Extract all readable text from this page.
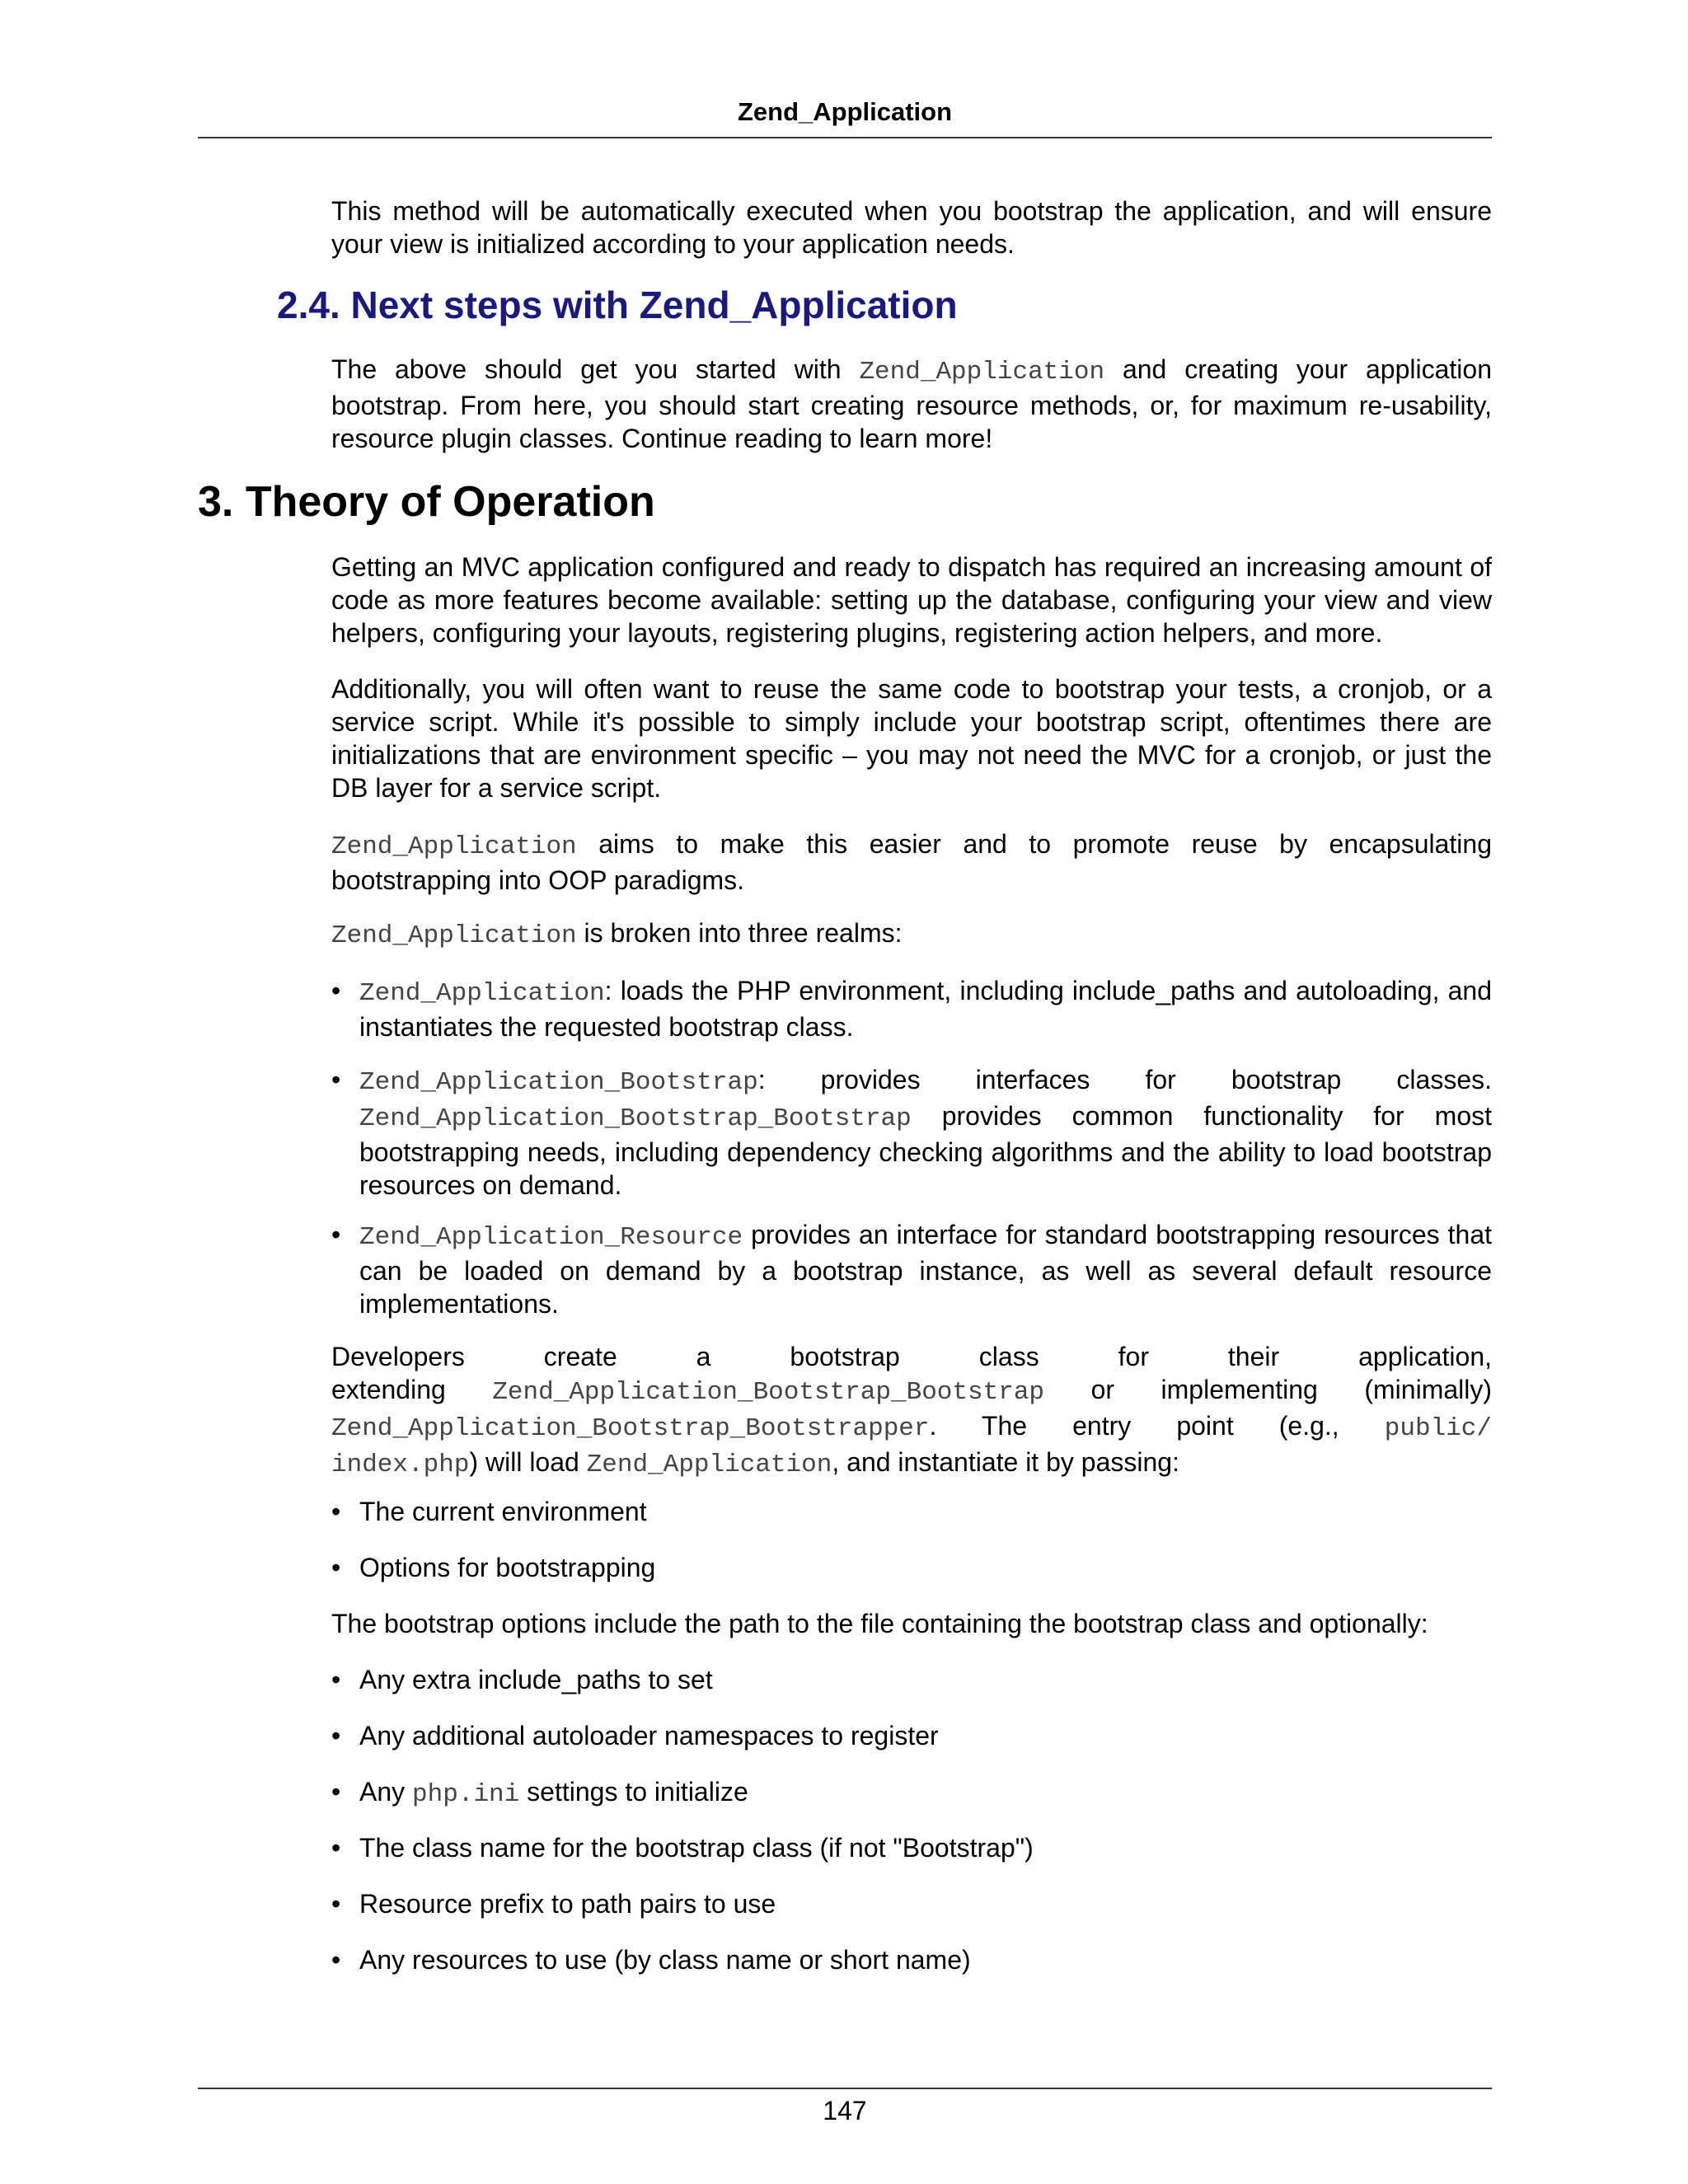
Zend_Application
This method will be automatically executed when you bootstrap the application, and will ensure your view is initialized according to your application needs.
2.4. Next steps with Zend_Application
The above should get you started with Zend_Application and creating your application
bootstrap. From here, you should start creating resource methods, or, for maximum re-usability,
resource plugin classes. Continue reading to learn more!
3. Theory of Operation
Getting an MVC application configured and ready to dispatch has required an increasing amount of code as more features become available: setting up the database, configuring your view and view helpers, configuring your layouts, registering plugins, registering action helpers, and more.
Additionally, you will often want to reuse the same code to bootstrap your tests, a cronjob, or a service script. While it's possible to simply include your bootstrap script, oftentimes there are initializations that are environment specific – you may not need the MVC for a cronjob, or just the DB layer for a service script.
Zend_Application aims to make this easier and to promote reuse by encapsulating bootstrapping into OOP paradigms.
Zend_Application is broken into three realms:
• Zend_Application: loads the PHP environment, including include_paths and autoloading, and instantiates the requested bootstrap class.
• Zend_Application_Bootstrap: provides interfaces for bootstrap classes.
Zend_Application_Bootstrap_Bootstrap provides common functionality for most bootstrapping needs, including dependency checking algorithms and the ability to load bootstrap resources on demand.
• Zend_Application_Resource provides an interface for standard bootstrapping resources that can be loaded on demand by a bootstrap instance, as well as several default resource implementations.
Developers create a bootstrap class for their application,
extending Zend_Application_Bootstrap_Bootstrap or implementing (minimally)
Zend_Application_Bootstrap_Bootstrapper. The entry point (e.g., public/
index.php) will load Zend_Application, and instantiate it by passing:
• The current environment
• Options for bootstrapping
The bootstrap options include the path to the file containing the bootstrap class and optionally:
• Any extra include_paths to set
• Any additional autoloader namespaces to register
• Any php.ini settings to initialize
• The class name for the bootstrap class (if not "Bootstrap")
• Resource prefix to path pairs to use
• Any resources to use (by class name or short name)
147
